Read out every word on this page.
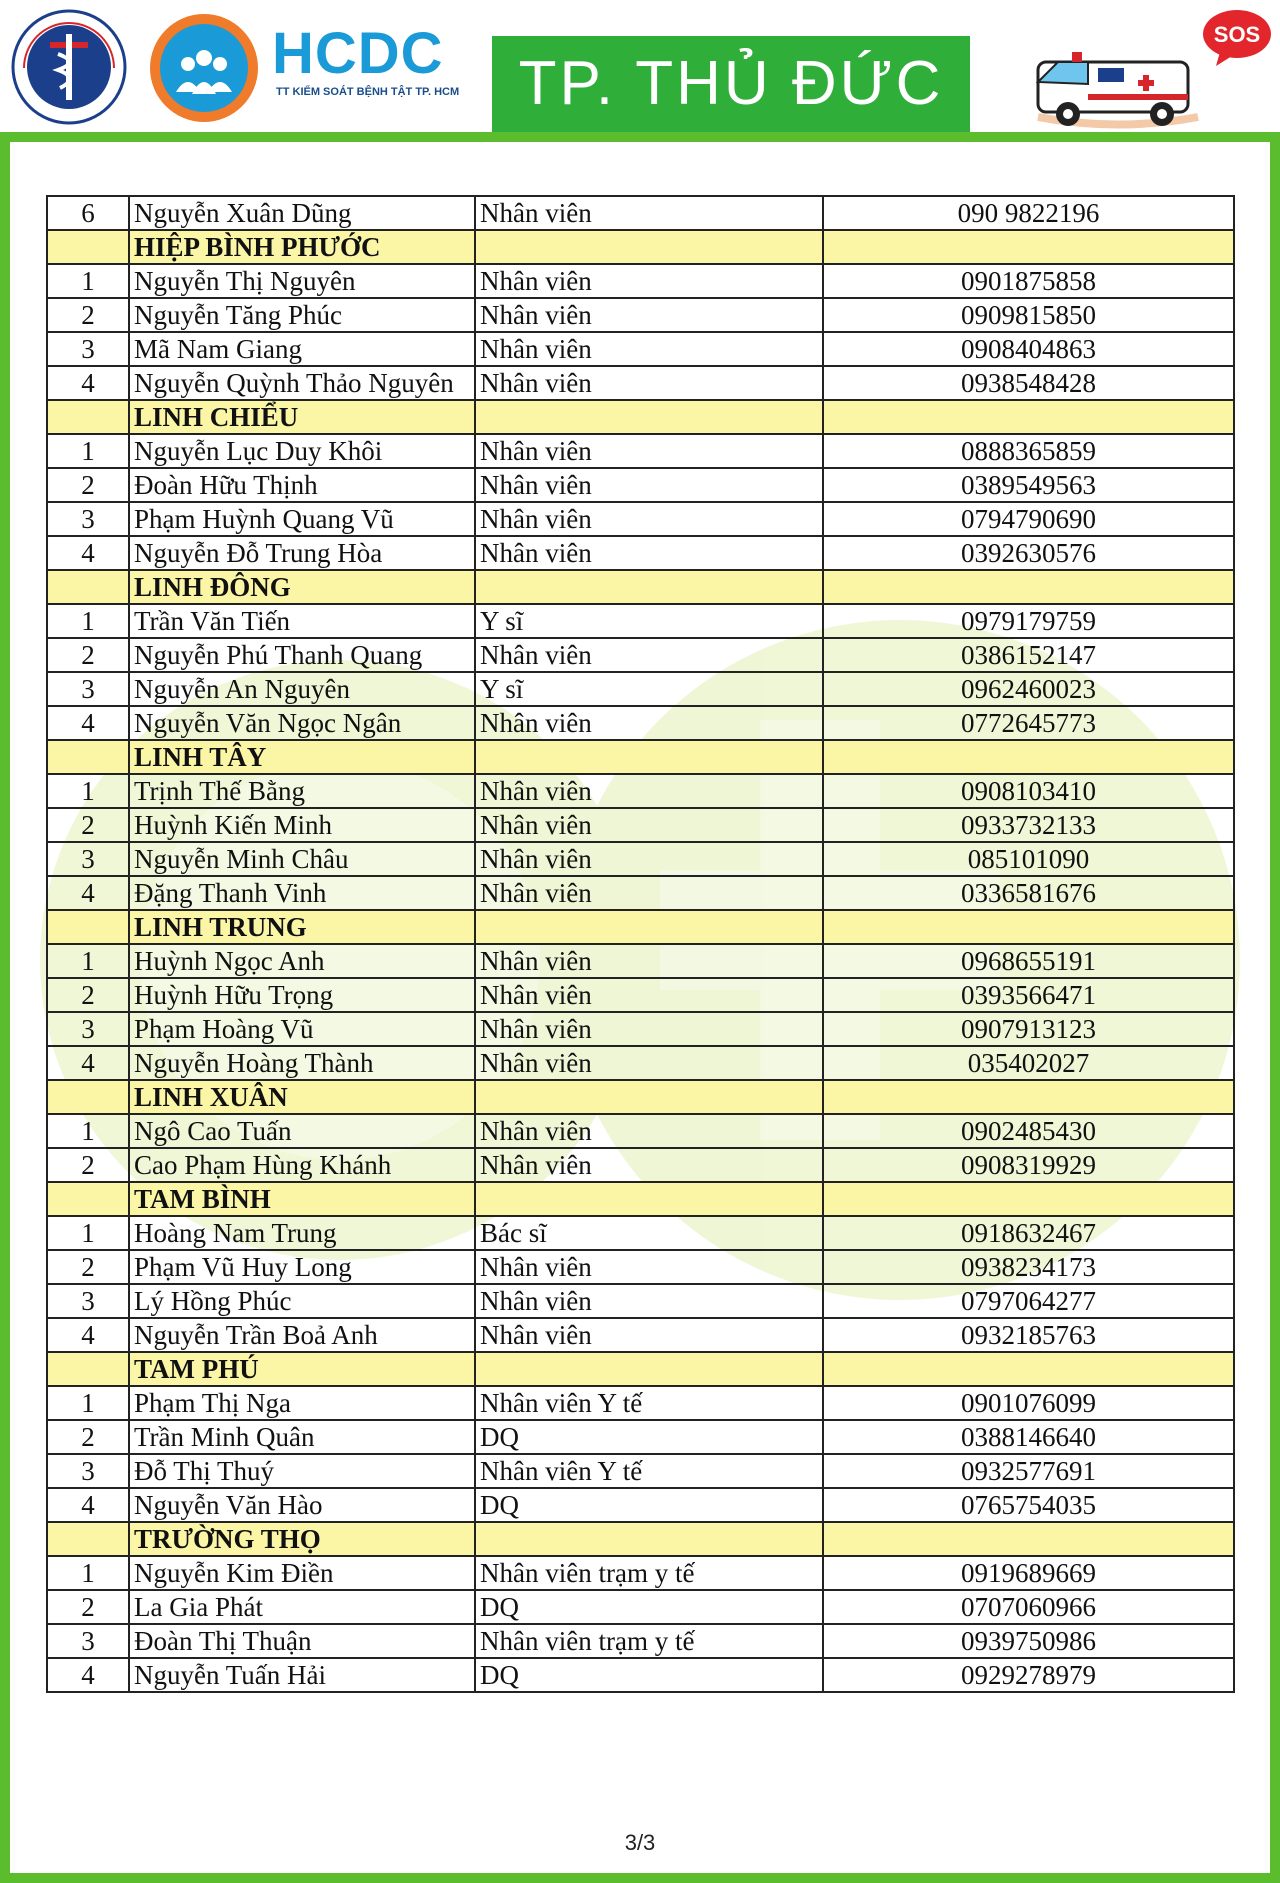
HCDC
TT KIỂM SOÁT BỆNH TẬT TP. HCM TP. THỦ ĐỨC
SOS
6	Nguyễn Xuân Dũng	Nhân viên	090 9822196
	HIỆP BÌNH PHƯỚC		
1	Nguyễn Thị Nguyên	Nhân viên	0901875858
2	Nguyễn Tăng Phúc	Nhân viên	0909815850
3	Mã Nam Giang	Nhân viên	0908404863
4	Nguyễn Quỳnh Thảo Nguyên	Nhân viên	0938548428
	LINH CHIỂU		
1	Nguyễn Lục Duy Khôi	Nhân viên	0888365859
2	Đoàn Hữu Thịnh	Nhân viên	0389549563
3	Phạm Huỳnh Quang Vũ	Nhân viên	0794790690
4	Nguyễn Đỗ Trung Hòa	Nhân viên	0392630576
	LINH ĐÔNG		
1	Trần Văn Tiến	Y sĩ	0979179759
2	Nguyễn Phú Thanh Quang	Nhân viên	0386152147
3	Nguyễn An Nguyên	Y sĩ	0962460023
4	Nguyễn Văn Ngọc Ngân	Nhân viên	0772645773
	LINH TÂY		
1	Trịnh Thế Bằng	Nhân viên	0908103410
2	Huỳnh Kiến Minh	Nhân viên	0933732133
3	Nguyễn Minh Châu	Nhân viên	085101090
4	Đặng Thanh Vinh	Nhân viên	0336581676
	LINH TRUNG		
1	Huỳnh Ngọc Anh	Nhân viên	0968655191
2	Huỳnh Hữu Trọng	Nhân viên	0393566471
3	Phạm Hoàng Vũ	Nhân viên	0907913123
4	Nguyễn Hoàng Thành	Nhân viên	035402027
	LINH XUÂN		
1	Ngô Cao Tuấn	Nhân viên	0902485430
2	Cao Phạm Hùng Khánh	Nhân viên	0908319929
	TAM BÌNH		
1	Hoàng Nam Trung	Bác sĩ	0918632467
2	Phạm Vũ Huy Long	Nhân viên	0938234173
3	Lý Hồng Phúc	Nhân viên	0797064277
4	Nguyễn Trần Boả Anh	Nhân viên	0932185763
	TAM PHÚ		
1	Phạm Thị Nga	Nhân viên Y tế	0901076099
2	Trần Minh Quân	DQ	0388146640
3	Đỗ Thị Thuý	Nhân viên Y tế	0932577691
4	Nguyễn Văn Hào	DQ	0765754035
	TRƯỜNG THỌ		
1	Nguyễn Kim Điền	Nhân viên trạm y tế	0919689669
2	La Gia Phát	DQ	0707060966
3	Đoàn Thị Thuận	Nhân viên trạm y tế	0939750986
4	Nguyễn Tuấn Hải	DQ	0929278979
3/3
